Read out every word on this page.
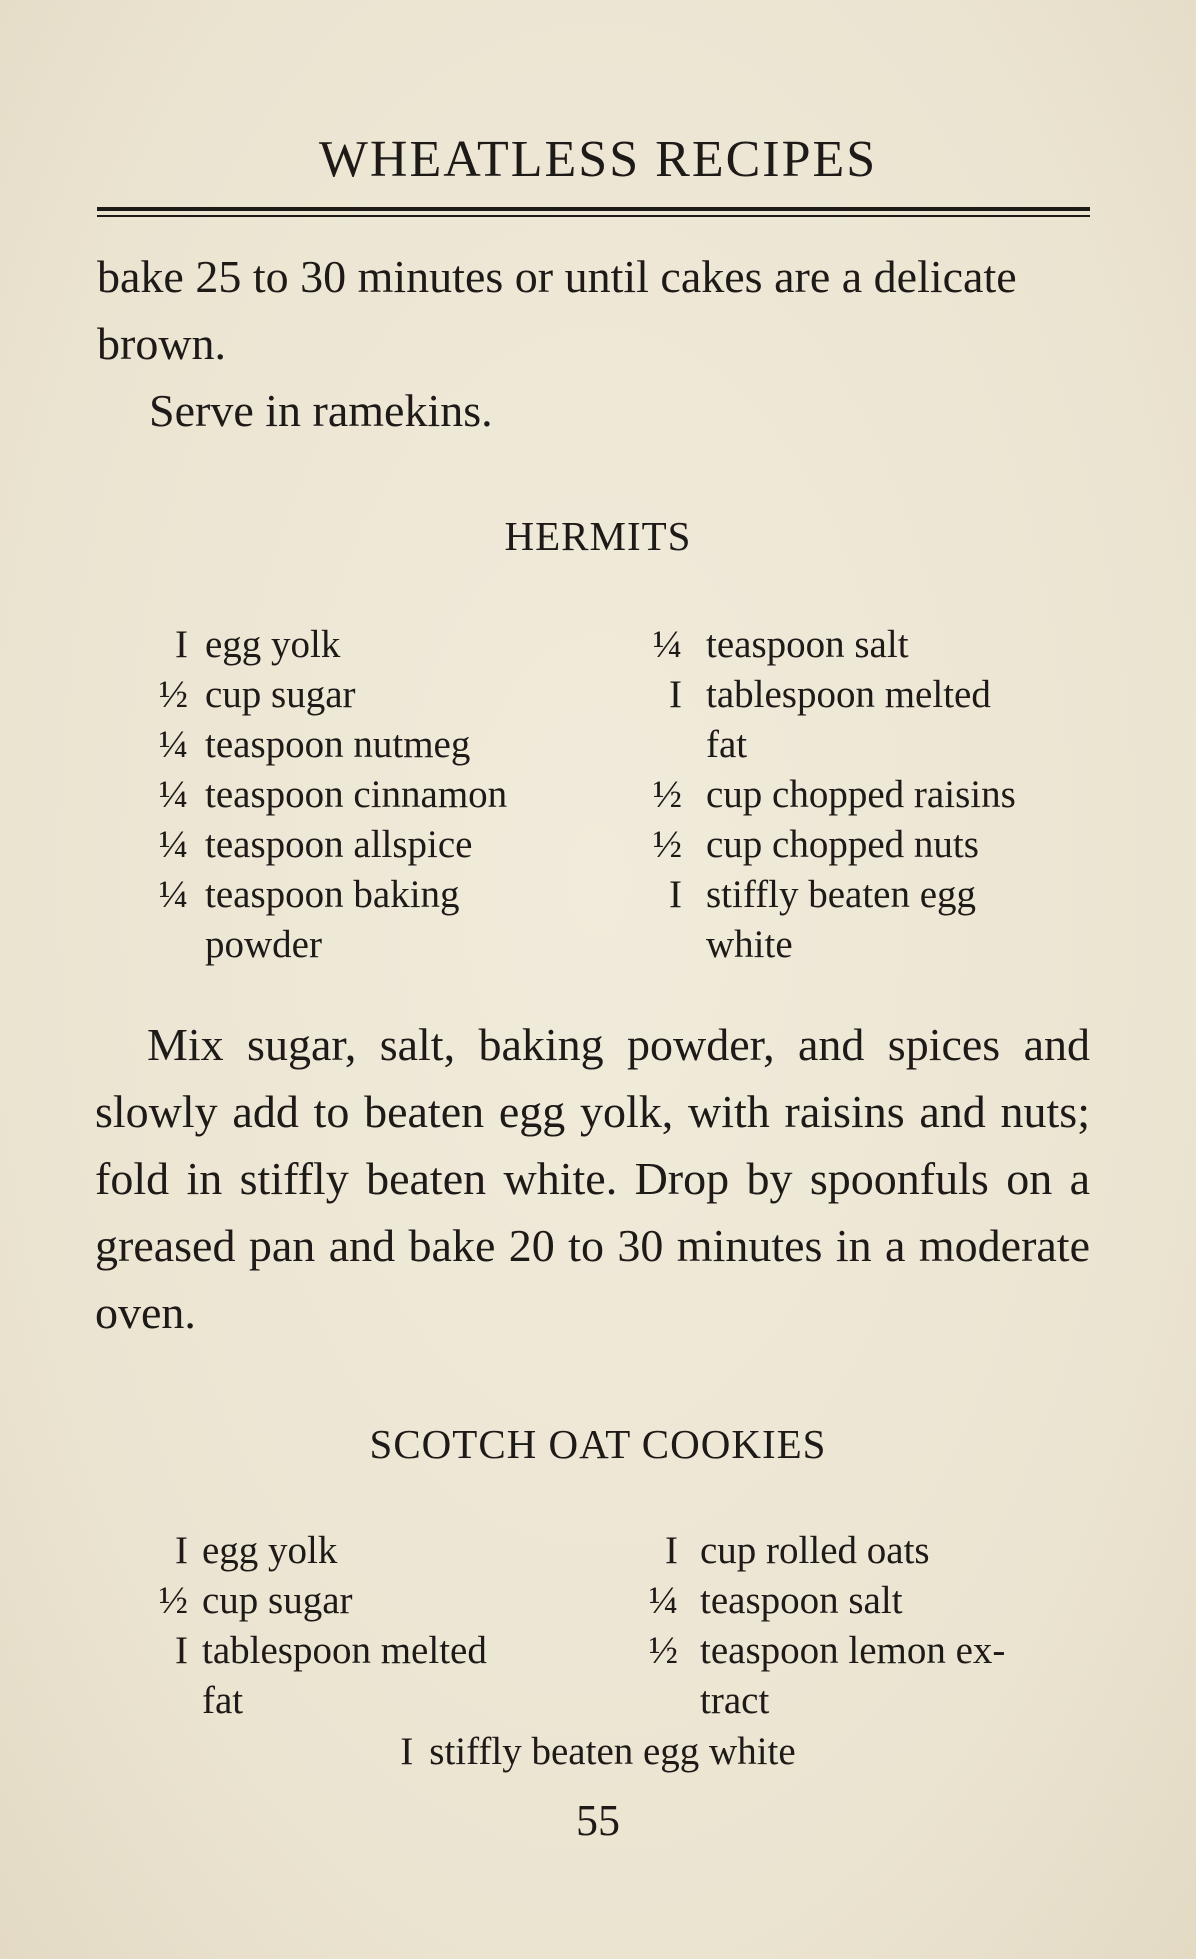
WHEATLESS RECIPES

bake 25 to 30 minutes or until cakes are a delicate brown.

Serve in ramekins.

HERMITS
I egg yolk
½ cup sugar
¼ teaspoon nutmeg
¼ teaspoon cinnamon
¼ teaspoon allspice
¼ teaspoon baking
powder
¼ teaspoon salt
I tablespoon melted
fat
½ cup chopped raisins
½ cup chopped nuts
I stiffly beaten egg
white

Mix sugar, salt, baking powder, and spices and slowly add to beaten egg yolk, with raisins and nuts; fold in stiffly beaten white. Drop by spoonfuls on a greased pan and bake 20 to 30 minutes in a moderate oven.

SCOTCH OAT COOKIES
I egg yolk
½ cup sugar
I tablespoon melted
fat
I cup rolled oats
¼ teaspoon salt
½ teaspoon lemon ex-
tract
I stiffly beaten egg white
55
